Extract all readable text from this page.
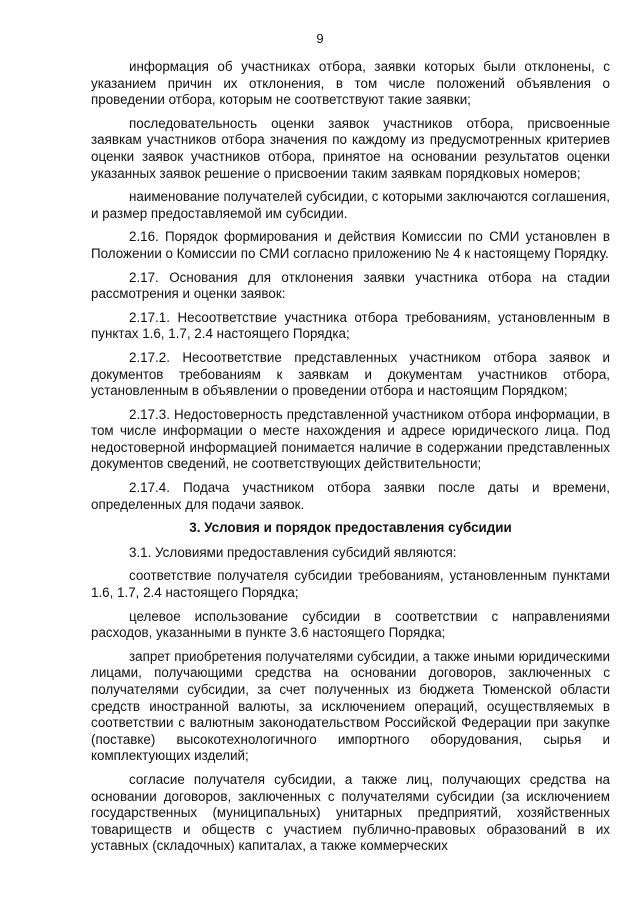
9

информация об участниках отбора, заявки которых были отклонены, с указанием причин их отклонения, в том числе положений объявления о проведении отбора, которым не соответствуют такие заявки;

последовательность оценки заявок участников отбора, присвоенные заявкам участников отбора значения по каждому из предусмотренных критериев оценки заявок участников отбора, принятое на основании результатов оценки указанных заявок решение о присвоении таким заявкам порядковых номеров;

наименование получателей субсидии, с которыми заключаются соглашения, и размер предоставляемой им субсидии.

2.16. Порядок формирования и действия Комиссии по СМИ установлен в Положении о Комиссии по СМИ согласно приложению № 4 к настоящему Порядку.

2.17. Основания для отклонения заявки участника отбора на стадии рассмотрения и оценки заявок:

2.17.1. Несоответствие участника отбора требованиям, установленным в пунктах 1.6, 1.7, 2.4 настоящего Порядка;

2.17.2. Несоответствие представленных участником отбора заявок и документов требованиям к заявкам и документам участников отбора, установленным в объявлении о проведении отбора и настоящим Порядком;

2.17.3. Недостоверность представленной участником отбора информации, в том числе информации о месте нахождения и адресе юридического лица. Под недостоверной информацией понимается наличие в содержании представленных документов сведений, не соответствующих действительности;

2.17.4. Подача участником отбора заявки после даты и времени, определенных для подачи заявок.

3. Условия и порядок предоставления субсидии

3.1. Условиями предоставления субсидий являются:

соответствие получателя субсидии требованиям, установленным пунктами 1.6, 1.7, 2.4 настоящего Порядка;

целевое использование субсидии в соответствии с направлениями расходов, указанными в пункте 3.6 настоящего Порядка;

запрет приобретения получателями субсидии, а также иными юридическими лицами, получающими средства на основании договоров, заключенных с получателями субсидии, за счет полученных из бюджета Тюменской области средств иностранной валюты, за исключением операций, осуществляемых в соответствии с валютным законодательством Российской Федерации при закупке (поставке) высокотехнологичного импортного оборудования, сырья и комплектующих изделий;

согласие получателя субсидии, а также лиц, получающих средства на основании договоров, заключенных с получателями субсидии (за исключением государственных (муниципальных) унитарных предприятий, хозяйственных товариществ и обществ с участием публично-правовых образований в их уставных (складочных) капиталах, а также коммерческих
